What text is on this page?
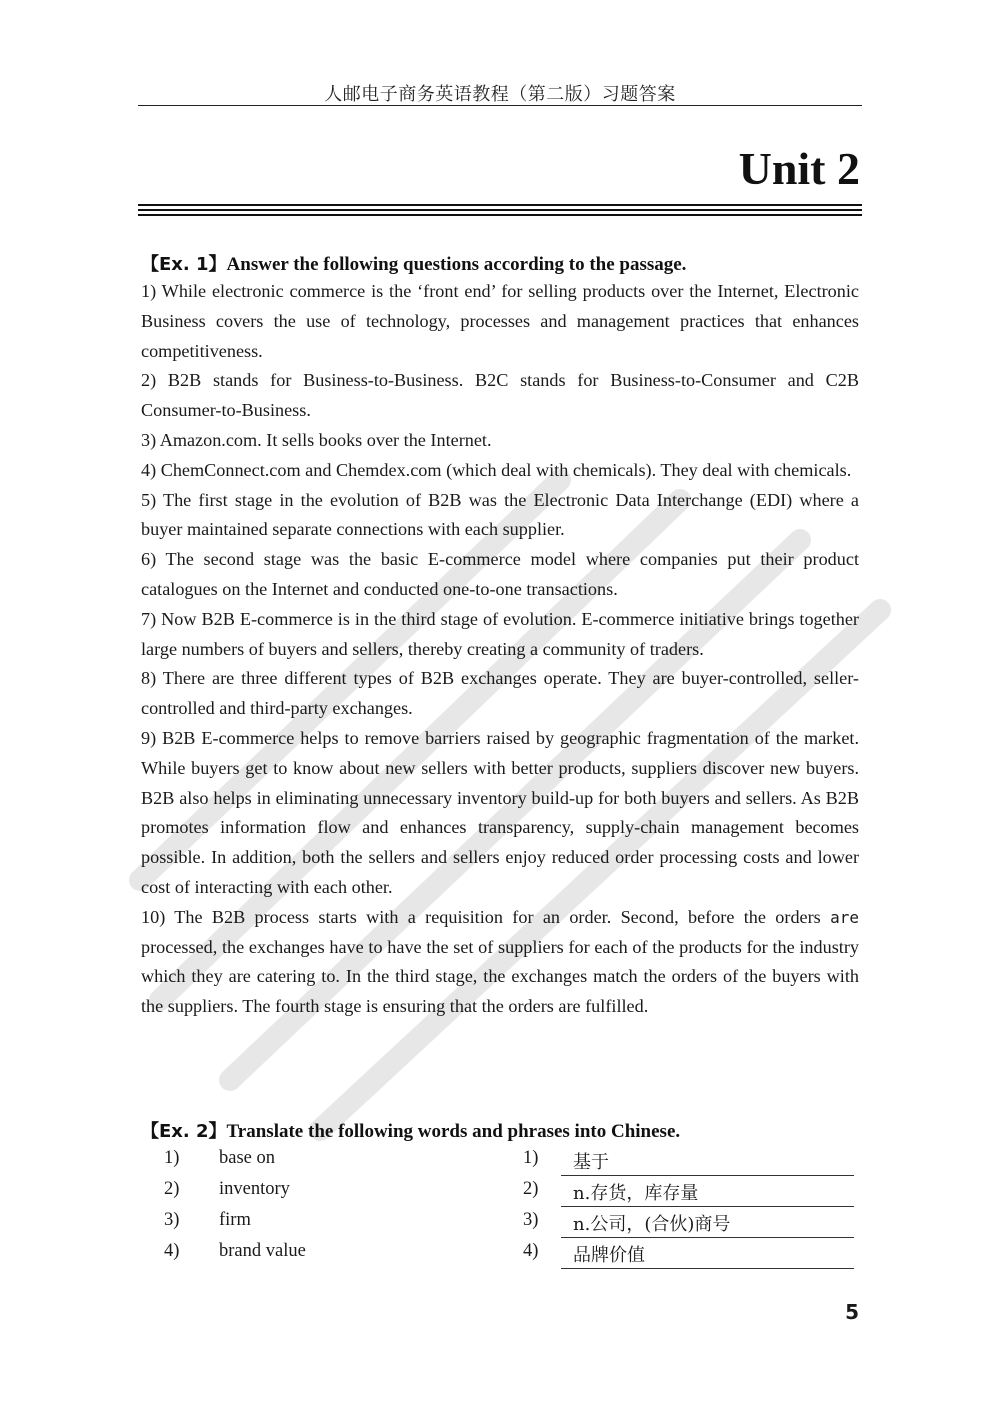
人邮电子商务英语教程（第二版）习题答案
Unit 2
【Ex. 1】Answer the following questions according to the passage.

1) While electronic commerce is the ‘front end’ for selling products over the Internet, Electronic Business covers the use of technology, processes and management practices that enhances competitiveness.

2) B2B stands for Business-to-Business. B2C stands for Business-to-Consumer and C2B Consumer-to-Business.

3) Amazon.com. It sells books over the Internet.

4) ChemConnect.com and Chemdex.com (which deal with chemicals). They deal with chemicals.

5) The first stage in the evolution of B2B was the Electronic Data Interchange (EDI) where a buyer maintained separate connections with each supplier.

6) The second stage was the basic E-commerce model where companies put their product catalogues on the Internet and conducted one-to-one transactions.

7) Now B2B E-commerce is in the third stage of evolution. E-commerce initiative brings together large numbers of buyers and sellers, thereby creating a community of traders.

8) There are three different types of B2B exchanges operate. They are buyer-controlled, seller-controlled and third-party exchanges.

9) B2B E-commerce helps to remove barriers raised by geographic fragmentation of the market. While buyers get to know about new sellers with better products, suppliers discover new buyers. B2B also helps in eliminating unnecessary inventory build-up for both buyers and sellers. As B2B promotes information flow and enhances transparency, supply-chain management becomes possible. In addition, both the sellers and sellers enjoy reduced order processing costs and lower cost of interacting with each other.

10) The B2B process starts with a requisition for an order. Second, before the orders are processed, the exchanges have to have the set of suppliers for each of the products for the industry which they are catering to. In the third stage, the exchanges match the orders of the buyers with the suppliers. The fourth stage is ensuring that the orders are fulfilled.

【Ex. 2】Translate the following words and phrases into Chinese.
1) base on	1)	基于
2) inventory	2)	n.存货，库存量
3) firm	3)	n.公司，(合伙)商号
4) brand value	4)	品牌价值
5
